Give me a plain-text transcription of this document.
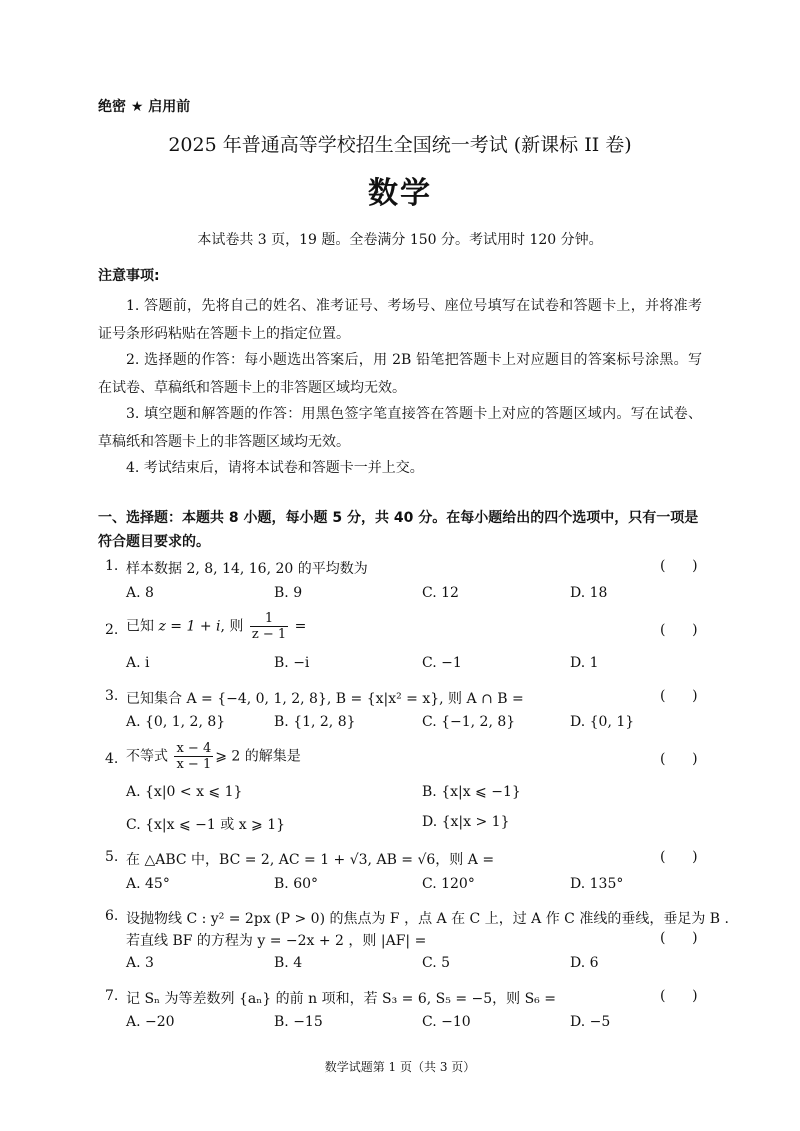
绝密 ★ 启用前
2025 年普通高等学校招生全国统一考试 (新课标 II 卷)
数学
本试卷共 3 页，19 题。全卷满分 150 分。考试用时 120 分钟。
注意事项:
1. 答题前，先将自己的姓名、准考证号、考场号、座位号填写在试卷和答题卡上，并将准考证号条形码粘贴在答题卡上的指定位置。
2. 选择题的作答：每小题选出答案后，用 2B 铅笔把答题卡上对应题目的答案标号涂黑。写在试卷、草稿纸和答题卡上的非答题区域均无效。
3. 填空题和解答题的作答：用黑色签字笔直接答在答题卡上对应的答题区域内。写在试卷、草稿纸和答题卡上的非答题区域均无效。
4. 考试结束后，请将本试卷和答题卡一并上交。
一、选择题：本题共 8 小题，每小题 5 分，共 40 分。在每小题给出的四个选项中，只有一项是符合题目要求的。
1. 样本数据 2, 8, 14, 16, 20 的平均数为	(      )
A. 8	B. 9	C. 12	D. 18
2. 已知 z = 1 + i, 则 $\frac{1}{z - 1}$ =	(      )
A. i	B. −i	C. −1	D. 1
3. 已知集合 A = {−4, 0, 1, 2, 8}, B = {x|x² = x}, 则 A ∩ B =	(      )
A. {0, 1, 2, 8}	B. {1, 2, 8}	C. {−1, 2, 8}	D. {0, 1}
4. 不等式 $\frac{x - 4}{x - 1}$ ⩾ 2 的解集是	(      )
A. {x|0 < x ⩽ 1}	B. {x|x ⩽ −1}
C. {x|x ⩽ −1 或 x ⩾ 1}	D. {x|x > 1}
5. 在 △ABC 中，BC = 2, AC = 1 + √3, AB = √6，则 A =	(      )
A. 45°	B. 60°	C. 120°	D. 135°
6. 设抛物线 C : y² = 2px (P > 0) 的焦点为 F ，点 A 在 C 上，过 A 作 C 准线的垂线，垂足为 B .
若直线 BF 的方程为 y = −2x + 2 ，则 |AF| =	(      )
A. 3	B. 4	C. 5	D. 6
7. 记 Sₙ 为等差数列 {aₙ} 的前 n 项和，若 S₃ = 6, S₅ = −5，则 S₆ =	(      )
A. −20	B. −15	C. −10	D. −5
数学试题第 1 页（共 3 页）
